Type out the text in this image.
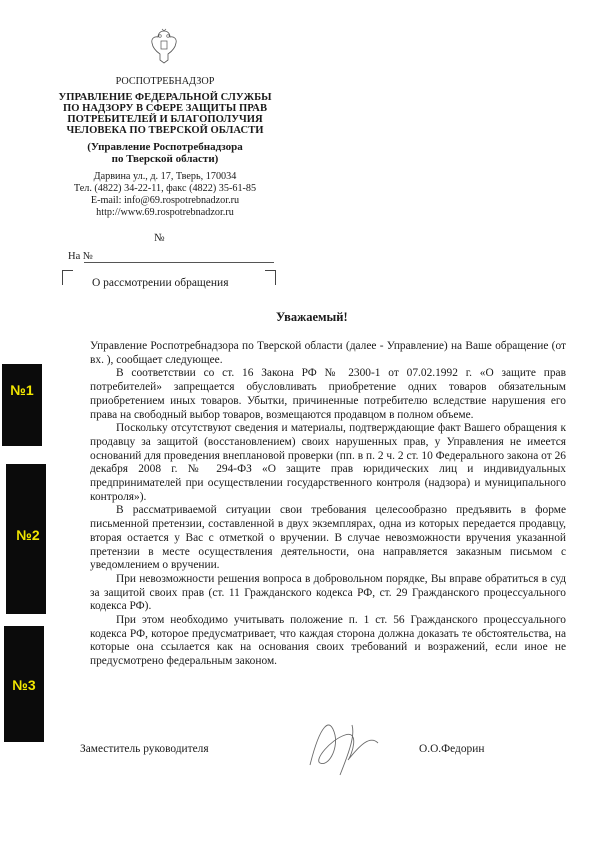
РОСПОТРЕБНАДЗОР
УПРАВЛЕНИЕ ФЕДЕРАЛЬНОЙ СЛУЖБЫ
ПО НАДЗОРУ В СФЕРЕ ЗАЩИТЫ ПРАВ
ПОТРЕБИТЕЛЕЙ И БЛАГОПОЛУЧИЯ
ЧЕЛОВЕКА ПО ТВЕРСКОЙ ОБЛАСТИ
(Управление Роспотребнадзора
по Тверской области)
Дарвина ул., д. 17, Тверь, 170034
Тел. (4822) 34-22-11, факс (4822) 35-61-85
E-mail: info@69.rospotrebnadzor.ru
http://www.69.rospotrebnadzor.ru
№
На №
О рассмотрении обращения
Уважаемый!

Управление Роспотребнадзора по Тверской области (далее - Управление) на Ваше обращение (от вх. ), сообщает следующее.

В соответствии со ст. 16 Закона РФ № 2300-1 от 07.02.1992 г. «О защите прав потребителей» запрещается обусловливать приобретение одних товаров обязательным приобретением иных товаров. Убытки, причиненные потребителю вследствие нарушения его права на свободный выбор товаров, возмещаются продавцом в полном объеме.

Поскольку отсутствуют сведения и материалы, подтверждающие факт Вашего обращения к продавцу за защитой (восстановлением) своих нарушенных прав, у Управления не имеется оснований для проведения внеплановой проверки (пп. в п. 2 ч. 2 ст. 10 Федерального закона от 26 декабря 2008 г. № 294-ФЗ «О защите прав юридических лиц и индивидуальных предпринимателей при осуществлении государственного контроля (надзора) и муниципального контроля»).

В рассматриваемой ситуации свои требования целесообразно предъявить в форме письменной претензии, составленной в двух экземплярах, одна из которых передается продавцу, вторая остается у Вас с отметкой о вручении. В случае невозможности вручения указанной претензии в месте осуществления деятельности, она направляется заказным письмом с уведомлением о вручении.

При невозможности решения вопроса в добровольном порядке, Вы вправе обратиться в суд за защитой своих прав (ст. 11 Гражданского кодекса РФ, ст. 29 Гражданского процессуального кодекса РФ).

При этом необходимо учитывать положение п. 1 ст. 56 Гражданского процессуального кодекса РФ, которое предусматривает, что каждая сторона должна доказать те обстоятельства, на которые она ссылается как на основания своих требований и возражений, если иное не предусмотрено федеральным законом.

№1
№2
№3
Заместитель руководителя	О.О.Федорин
